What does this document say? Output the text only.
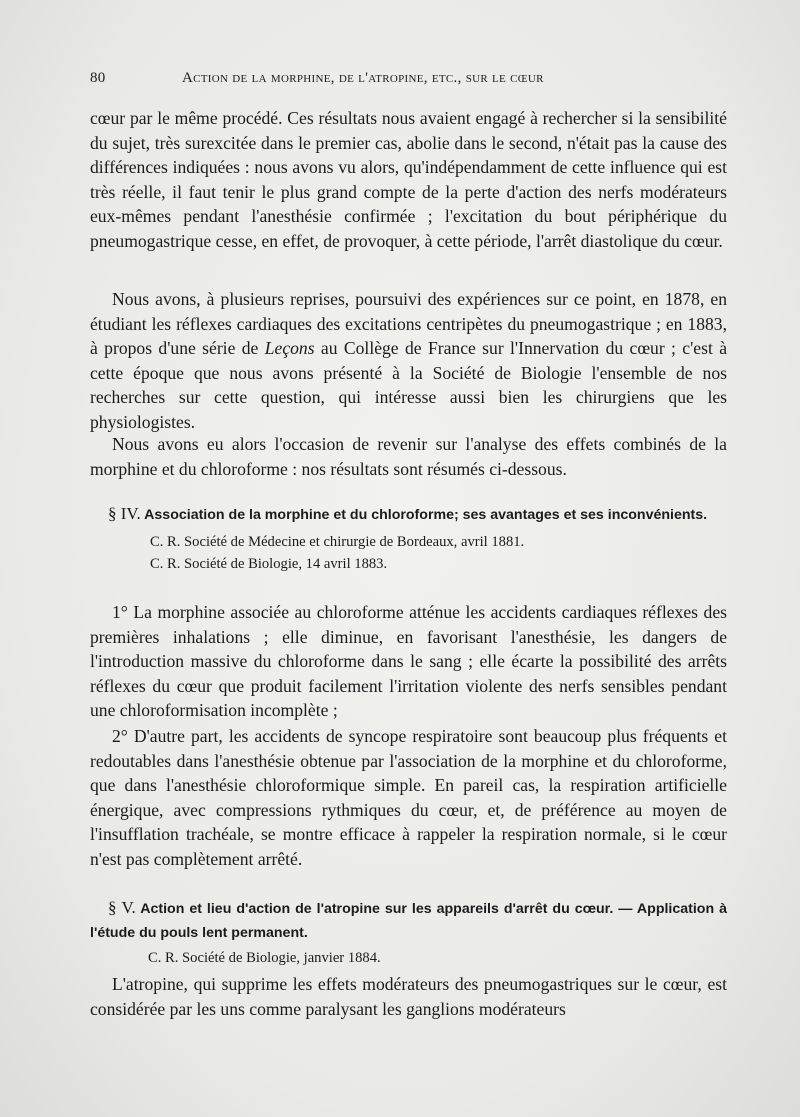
80	Action de la morphine, de l'atropine, etc., sur le cœur

cœur par le même procédé. Ces résultats nous avaient engagé à rechercher si la sensibilité du sujet, très surexcitée dans le premier cas, abolie dans le second, n'était pas la cause des différences indiquées : nous avons vu alors, qu'indépendamment de cette influence qui est très réelle, il faut tenir le plus grand compte de la perte d'action des nerfs modérateurs eux-mêmes pendant l'anesthésie confirmée ; l'excitation du bout périphérique du pneumogastrique cesse, en effet, de provoquer, à cette période, l'arrêt diastolique du cœur.

Nous avons, à plusieurs reprises, poursuivi des expériences sur ce point, en 1878, en étudiant les réflexes cardiaques des excitations centripètes du pneumogastrique ; en 1883, à propos d'une série de Leçons au Collège de France sur l'Innervation du cœur ; c'est à cette époque que nous avons présenté à la Société de Biologie l'ensemble de nos recherches sur cette question, qui intéresse aussi bien les chirurgiens que les physiologistes.

Nous avons eu alors l'occasion de revenir sur l'analyse des effets combinés de la morphine et du chloroforme : nos résultats sont résumés ci-dessous.

§ IV. Association de la morphine et du chloroforme; ses avantages et ses inconvénients.

C. R. Société de Médecine et chirurgie de Bordeaux, avril 1881.

C. R. Société de Biologie, 14 avril 1883.

1° La morphine associée au chloroforme atténue les accidents cardiaques réflexes des premières inhalations ; elle diminue, en favorisant l'anesthésie, les dangers de l'introduction massive du chloroforme dans le sang ; elle écarte la possibilité des arrêts réflexes du cœur que produit facilement l'irritation violente des nerfs sensibles pendant une chloroformisation incomplète ;

2° D'autre part, les accidents de syncope respiratoire sont beaucoup plus fréquents et redoutables dans l'anesthésie obtenue par l'association de la morphine et du chloroforme, que dans l'anesthésie chloroformique simple. En pareil cas, la respiration artificielle énergique, avec compressions rythmiques du cœur, et, de préférence au moyen de l'insufflation trachéale, se montre efficace à rappeler la respiration normale, si le cœur n'est pas complètement arrêté.

§ V. Action et lieu d'action de l'atropine sur les appareils d'arrêt du cœur. — Application à l'étude du pouls lent permanent.

C. R. Société de Biologie, janvier 1884.

L'atropine, qui supprime les effets modérateurs des pneumogastriques sur le cœur, est considérée par les uns comme paralysant les ganglions modérateurs
